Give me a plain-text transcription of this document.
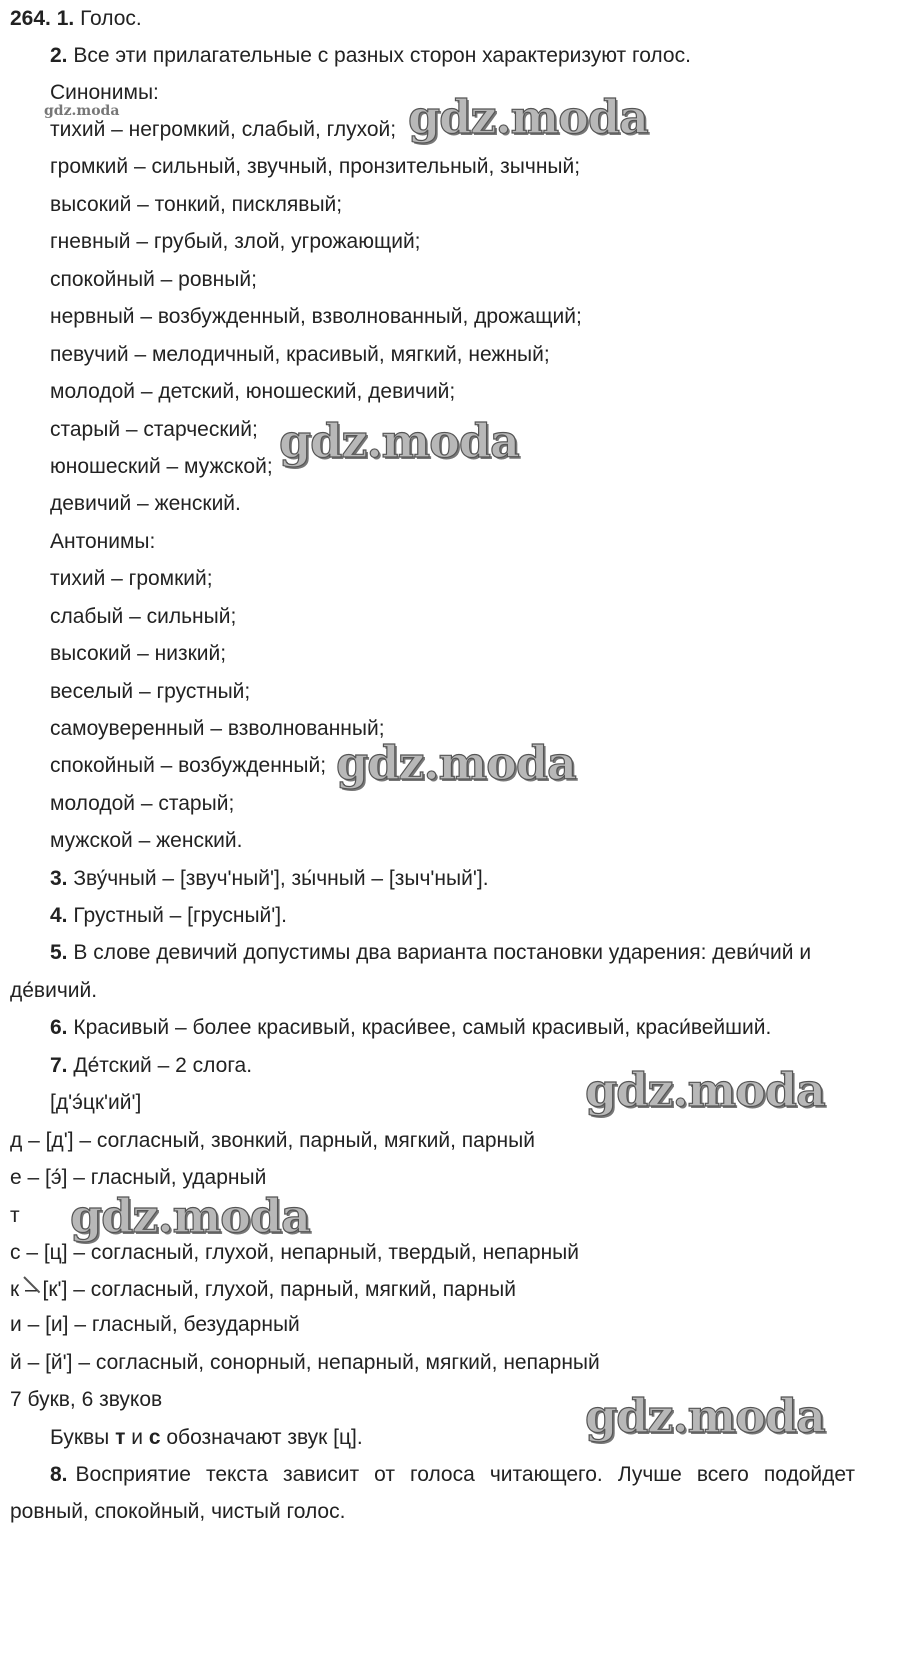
264. 1. Голос.
2. Все эти прилагательные с разных сторон характеризуют голос.
Синонимы:
тихий – негромкий, слабый, глухой;
громкий – сильный, звучный, пронзительный, зычный;
высокий – тонкий, писклявый;
гневный – грубый, злой, угрожающий;
спокойный – ровный;
нервный – возбужденный, взволнованный, дрожащий;
певучий – мелодичный, красивый, мягкий, нежный;
молодой – детский, юношеский, девичий;
старый – старческий;
юношеский – мужской;
девичий – женский.
Антонимы:
тихий – громкий;
слабый – сильный;
высокий – низкий;
веселый – грустный;
самоуверенный – взволнованный;
спокойный – возбужденный;
молодой – старый;
мужской – женский.
3. Зву́чный – [звуч'ный'], зы́чный – [зыч'ный'].
4. Грустный – [грусный'].
5. В слове девичий допустимы два варианта постановки ударения: деви́чий и
де́вичий.
6. Красивый – более красивый, краси́вее, самый красивый, краси́вейший.
7. Де́тский – 2 слога.
[д'э́цк'ий']
д – [д'] – согласный, звонкий, парный, мягкий, парный
е – [э́] – гласный, ударный
т
с – [ц] – согласный, глухой, непарный, твердый, непарный
к – [к'] – согласный, глухой, парный, мягкий, парный
и – [и] – гласный, безударный
й – [й'] – согласный, сонорный, непарный, мягкий, непарный
7 букв, 6 звуков
Буквы т и с обозначают звук [ц].
8. Восприятие текста зависит от голоса читающего. Лучше всего подойдет
ровный, спокойный, чистый голос.
gdz.moda	gdz.moda
gdz.moda
gdz.moda
gdz.moda
gdz.moda
gdz.moda
